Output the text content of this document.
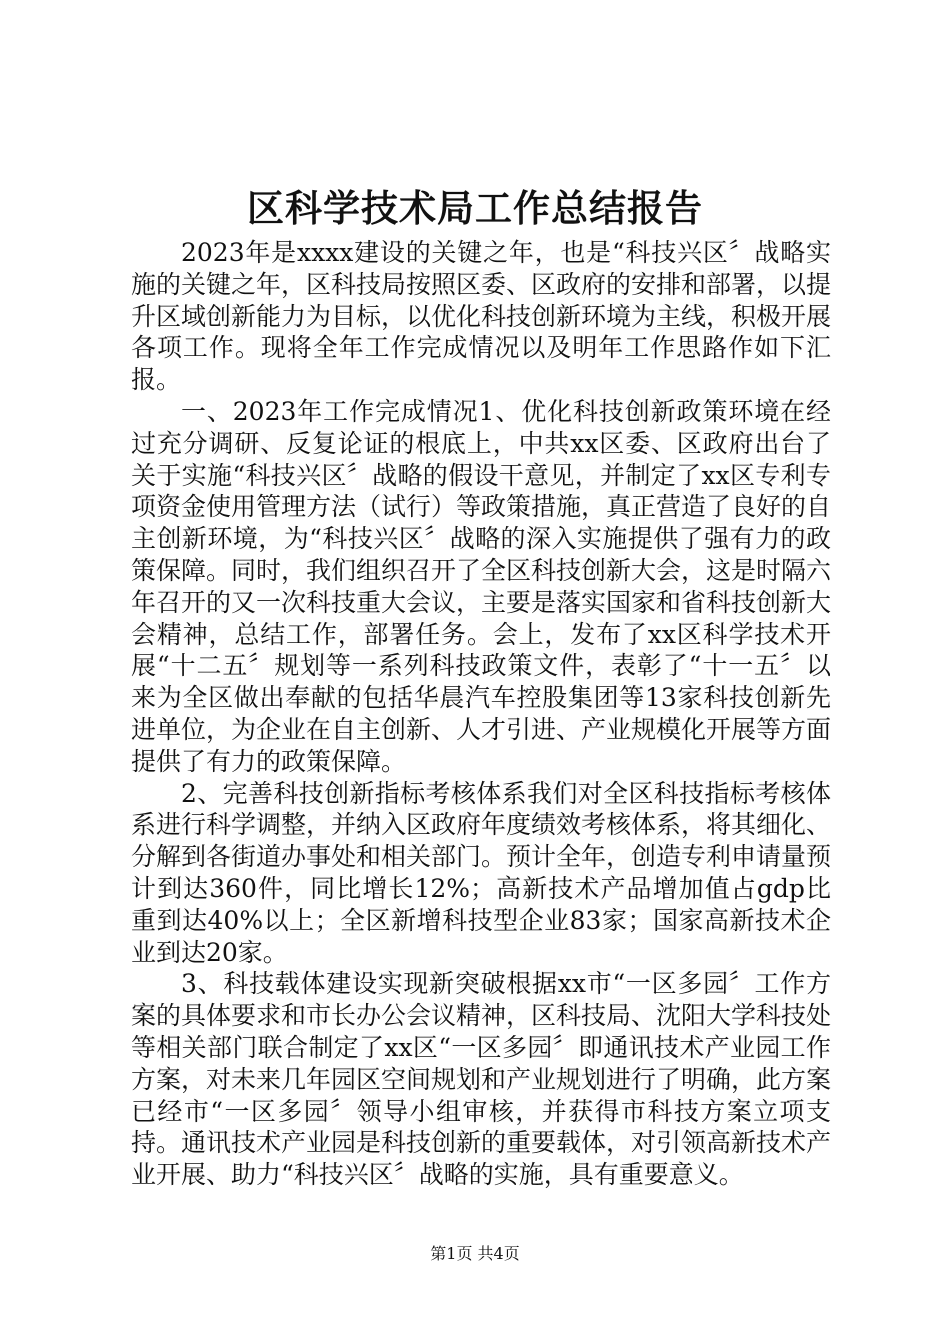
区科学技术局工作总结报告

2023年是xxxx建设的关键之年，也是“科技兴区〞战略实施的关键之年，区科技局按照区委、区政府的安排和部署，以提升区域创新能力为目标，以优化科技创新环境为主线，积极开展各项工作。现将全年工作完成情况以及明年工作思路作如下汇报。

一、2023年工作完成情况1、优化科技创新政策环境在经过充分调研、反复论证的根底上，中共xx区委、区政府出台了关于实施“科技兴区〞战略的假设干意见，并制定了xx区专利专项资金使用管理方法（试行）等政策措施，真正营造了良好的自主创新环境，为“科技兴区〞战略的深入实施提供了强有力的政策保障。同时，我们组织召开了全区科技创新大会，这是时隔六年召开的又一次科技重大会议，主要是落实国家和省科技创新大会精神，总结工作，部署任务。会上，发布了xx区科学技术开展“十二五〞规划等一系列科技政策文件，表彰了“十一五〞以来为全区做出奉献的包括华晨汽车控股集团等13家科技创新先进单位，为企业在自主创新、人才引进、产业规模化开展等方面提供了有力的政策保障。

2、完善科技创新指标考核体系我们对全区科技指标考核体系进行科学调整，并纳入区政府年度绩效考核体系，将其细化、分解到各街道办事处和相关部门。预计全年，创造专利申请量预计到达360件，同比增长12%；高新技术产品增加值占gdp比重到达40%以上；全区新增科技型企业83家；国家高新技术企业到达20家。

3、科技载体建设实现新突破根据xx市“一区多园〞工作方案的具体要求和市长办公会议精神，区科技局、沈阳大学科技处等相关部门联合制定了xx区“一区多园〞即通讯技术产业园工作方案，对未来几年园区空间规划和产业规划进行了明确，此方案已经市“一区多园〞领导小组审核，并获得市科技方案立项支持。通讯技术产业园是科技创新的重要载体，对引领高新技术产业开展、助力“科技兴区〞战略的实施，具有重要意义。

第1页 共4页
